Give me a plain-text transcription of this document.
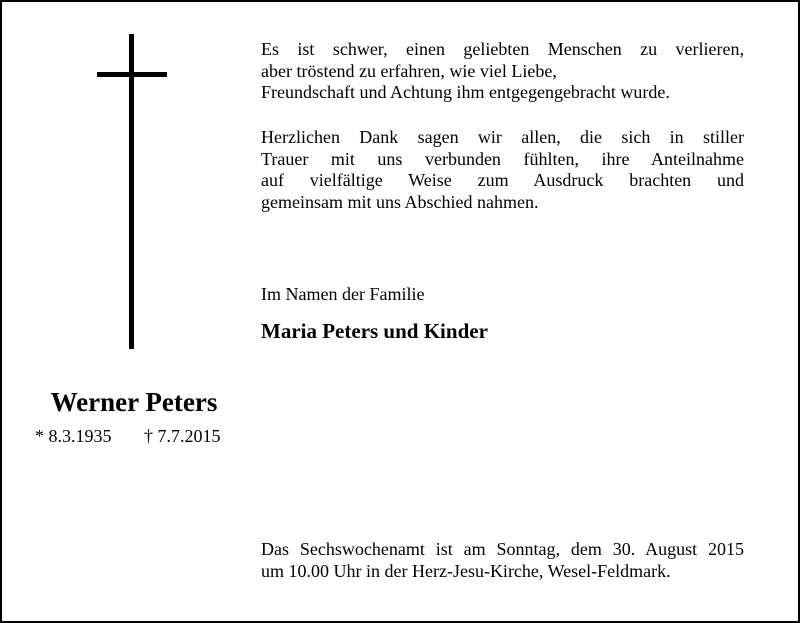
Werner Peters
* 8.3.1935 † 7.7.2015

Es ist schwer, einen geliebten Menschen zu verlieren,
aber tröstend zu erfahren, wie viel Liebe,
Freundschaft und Achtung ihm entgegengebracht wurde.

Herzlichen Dank sagen wir allen, die sich in stiller
Trauer mit uns verbunden fühlten, ihre Anteilnahme
auf vielfältige Weise zum Ausdruck brachten und
gemeinsam mit uns Abschied nahmen.

Im Namen der Familie
Maria Peters und Kinder

Das Sechswochenamt ist am Sonntag, dem 30. August 2015
um 10.00 Uhr in der Herz-Jesu-Kirche, Wesel-Feldmark.
